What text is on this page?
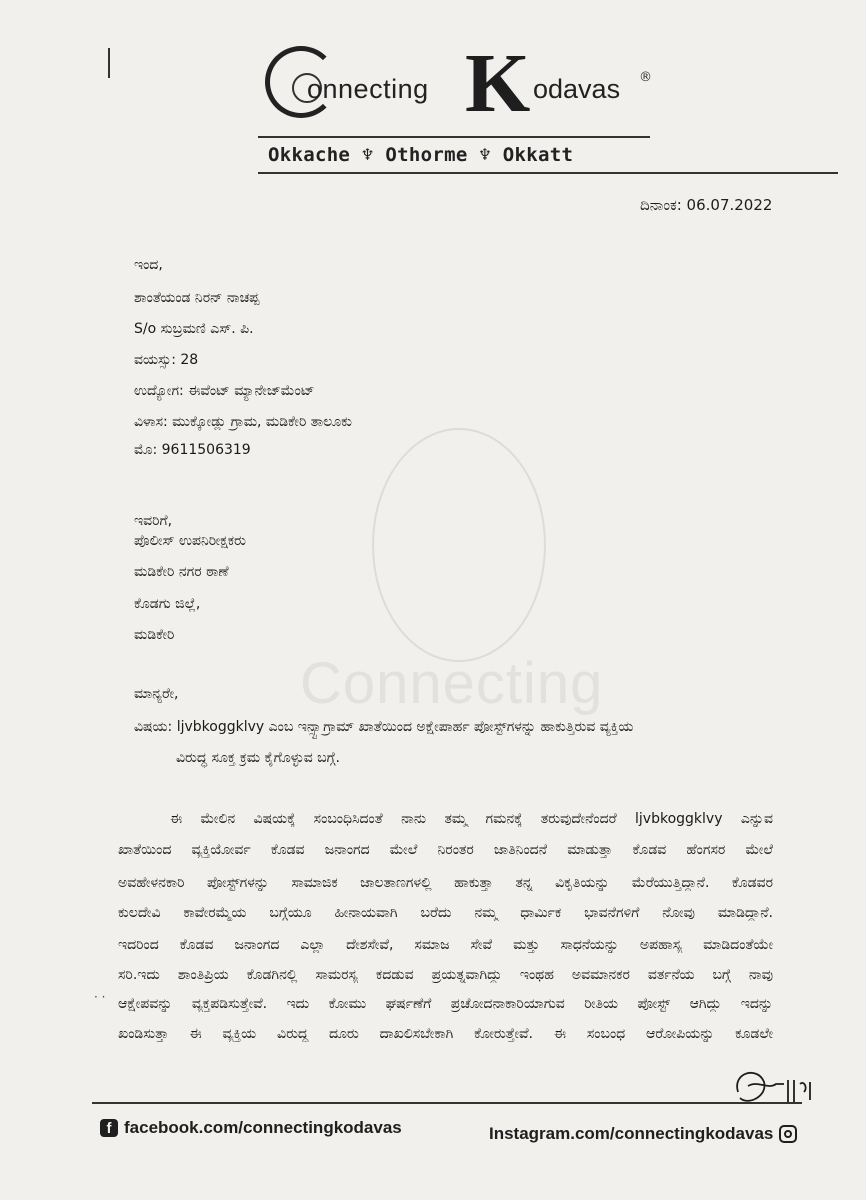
Connecting
onnecting K odavas ®
Okkache ♆ Othorme ♆ Okkatt
ದಿನಾಂಕ: 06.07.2022
ಇಂದ,
ಶಾಂತೆಯಂಡ ನಿರನ್ ನಾಚಪ್ಪ
S/o ಸುಬ್ರಮಣಿ ಎಸ್. ಪಿ.
ವಯಸ್ಸು: 28
ಉದ್ಯೋಗ: ಈವೆಂಟ್ ಮ್ಯಾನೇಜ್‌ಮೆಂಟ್
ವಿಳಾಸ: ಮುಕ್ಕೋಡ್ಲು ಗ್ರಾಮ, ಮಡಿಕೇರಿ ತಾಲೂಕು
ಮೊ: 9611506319
ಇವರಿಗೆ,
ಪೊಲೀಸ್ ಉಪನಿರೀಕ್ಷಕರು
ಮಡಿಕೇರಿ ನಗರ ಠಾಣೆ
ಕೊಡಗು ಜಿಲ್ಲೆ,
ಮಡಿಕೇರಿ
ಮಾನ್ಯರೇ,
ವಿಷಯ: ljvbkoggklvy ಎಂಬ ಇನ್ಸ್ಟಾಗ್ರಾಮ್ ಖಾತೆಯಿಂದ ಅಕ್ಷೇಪಾರ್ಹ ಪೋಸ್ಟ್‌ಗಳನ್ನು ಹಾಕುತ್ತಿರುವ ವ್ಯಕ್ತಿಯ
ವಿರುದ್ಧ ಸೂಕ್ತ ಕ್ರಮ ಕೈಗೊಳ್ಳುವ ಬಗ್ಗೆ.
ಈ ಮೇಲಿನ ವಿಷಯಕ್ಕೆ ಸಂಬಂಧಿಸಿದಂತೆ ನಾನು ತಮ್ಮ ಗಮನಕ್ಕೆ ತರುವುದೇನೆಂದರೆ ljvbkoggklvy ಎನ್ನುವ
ಖಾತೆಯಿಂದ ವ್ಯಕ್ತಿಯೋರ್ವ ಕೊಡವ ಜನಾಂಗದ ಮೇಲೆ ನಿರಂತರ ಜಾತಿನಿಂದನೆ ಮಾಡುತ್ತಾ ಕೊಡವ ಹೆಂಗಸರ ಮೇಲೆ
ಅವಹೇಳನಕಾರಿ ಪೋಸ್ಟ್‌ಗಳನ್ನು ಸಾಮಾಜಿಕ ಜಾಲತಾಣಗಳಲ್ಲಿ ಹಾಕುತ್ತಾ ತನ್ನ ವಿಕೃತಿಯನ್ನು ಮೆರೆಯುತ್ತಿದ್ದಾನೆ. ಕೊಡವರ
ಕುಲದೇವಿ ಕಾವೇರಮ್ಮೆಯ ಬಗ್ಗೆಯೂ ಹೀನಾಯವಾಗಿ ಬರೆದು ನಮ್ಮ ಧಾರ್ಮಿಕ ಭಾವನೆಗಳಿಗೆ ನೋವು ಮಾಡಿದ್ದಾನೆ.
ಇದರಿಂದ ಕೊಡವ ಜನಾಂಗದ ಎಲ್ಲಾ ದೇಶಸೇವೆ, ಸಮಾಜ ಸೇವೆ ಮತ್ತು ಸಾಧನೆಯನ್ನು ಅಪಹಾಸ್ಯ ಮಾಡಿದಂತೆಯೇ
ಸರಿ.ಇದು ಶಾಂತಿಪ್ರಿಯ ಕೊಡಗಿನಲ್ಲಿ ಸಾಮರಸ್ಯ ಕದಡುವ ಪ್ರಯತ್ನವಾಗಿದ್ದು ಇಂಥಹ ಅವಮಾನಕರ ವರ್ತನೆಯ ಬಗ್ಗೆ ನಾವು
ಆಕ್ಷೇಪವನ್ನು ವ್ಯಕ್ತಪಡಿಸುತ್ತೇವೆ. ಇದು ಕೋಮು ಘರ್ಷಣೆಗೆ ಪ್ರಚೋದನಾಕಾರಿಯಾಗುವ ರೀತಿಯ ಪೋಸ್ಟ್ ಆಗಿದ್ದು ಇದನ್ನು
ಖಂಡಿಸುತ್ತಾ ಈ ವ್ಯಕ್ತಿಯ ವಿರುದ್ಧ ದೂರು ದಾಖಲಿಸಬೇಕಾಗಿ ಕೋರುತ್ತೇವೆ. ಈ ಸಂಬಂಧ ಆರೋಪಿಯನ್ನು ಕೂಡಲೇ
· ·
f facebook.com/connectingkodavas	Instagram.com/connectingkodavas
